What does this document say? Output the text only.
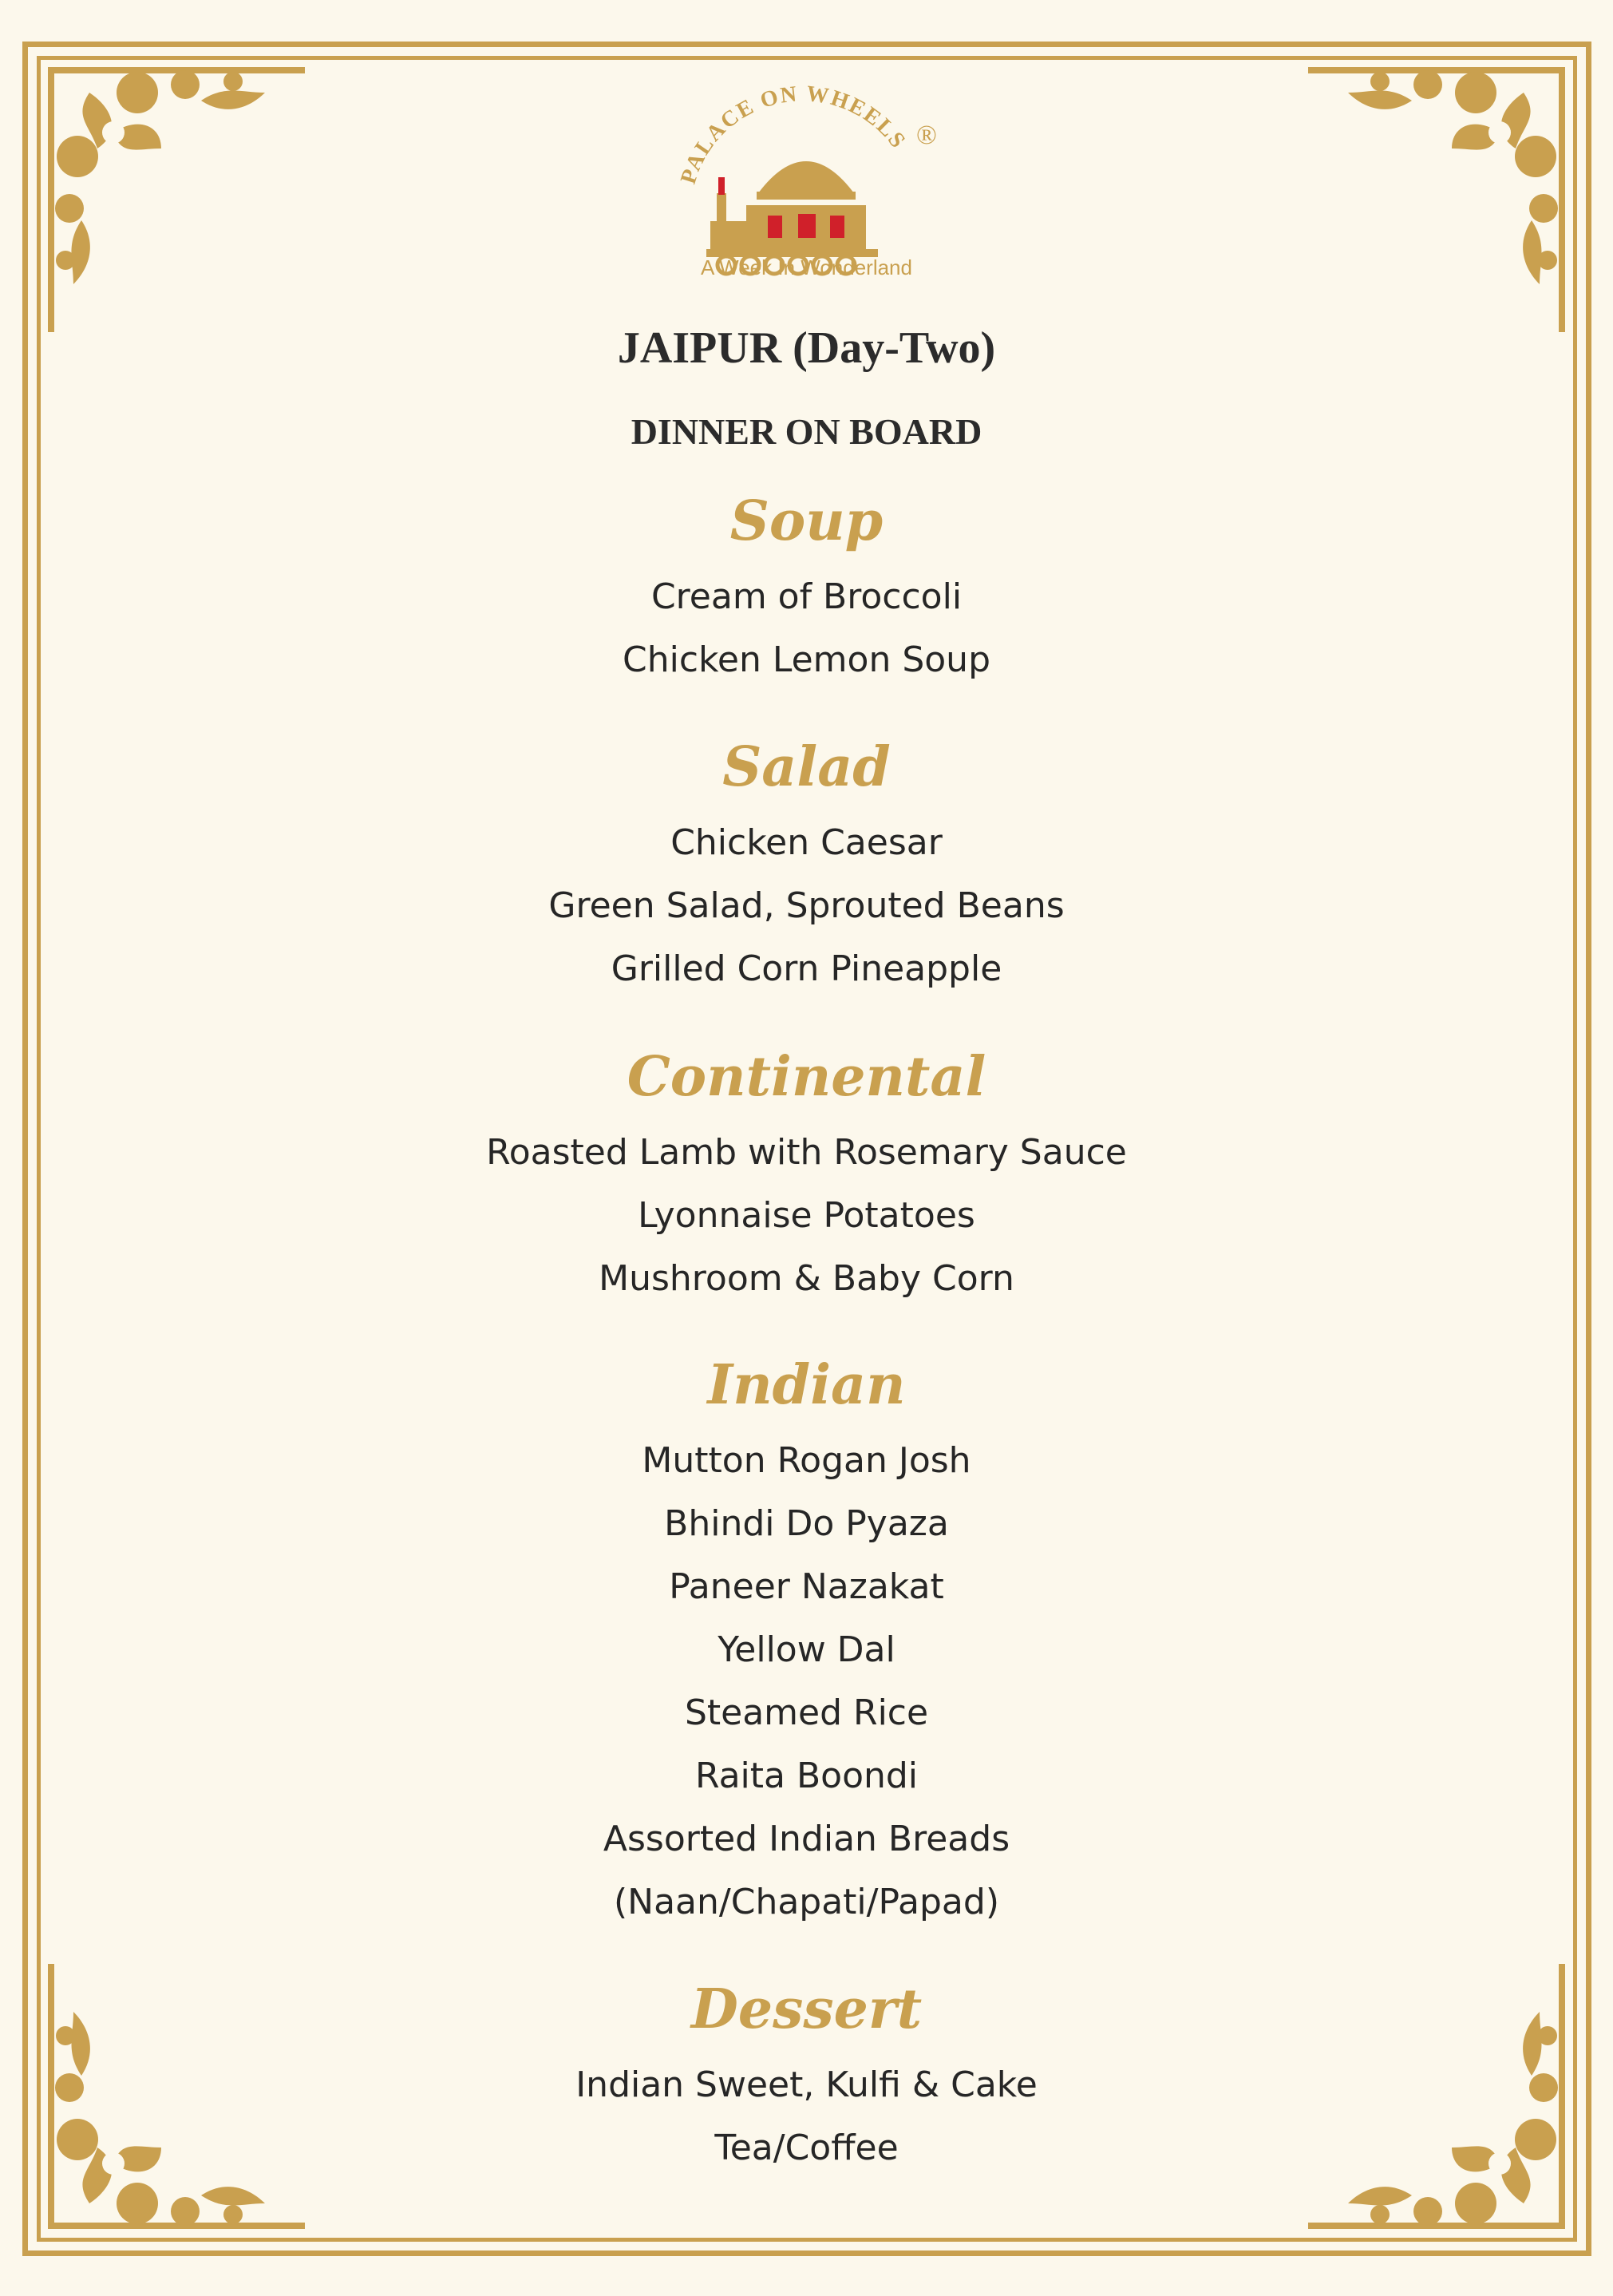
PALACE ON WHEELS ®
A Week In Wonderland
JAIPUR (Day-Two)
DINNER ON BOARD
Soup
Cream of Broccoli
Chicken Lemon Soup
Salad
Chicken Caesar
Green Salad, Sprouted Beans
Grilled Corn Pineapple
Continental
Roasted Lamb with Rosemary Sauce
Lyonnaise Potatoes
Mushroom & Baby Corn
Indian
Mutton Rogan Josh
Bhindi Do Pyaza
Paneer Nazakat
Yellow Dal
Steamed Rice
Raita Boondi
Assorted Indian Breads
(Naan/Chapati/Papad)
Dessert
Indian Sweet, Kulfi & Cake
Tea/Coffee
